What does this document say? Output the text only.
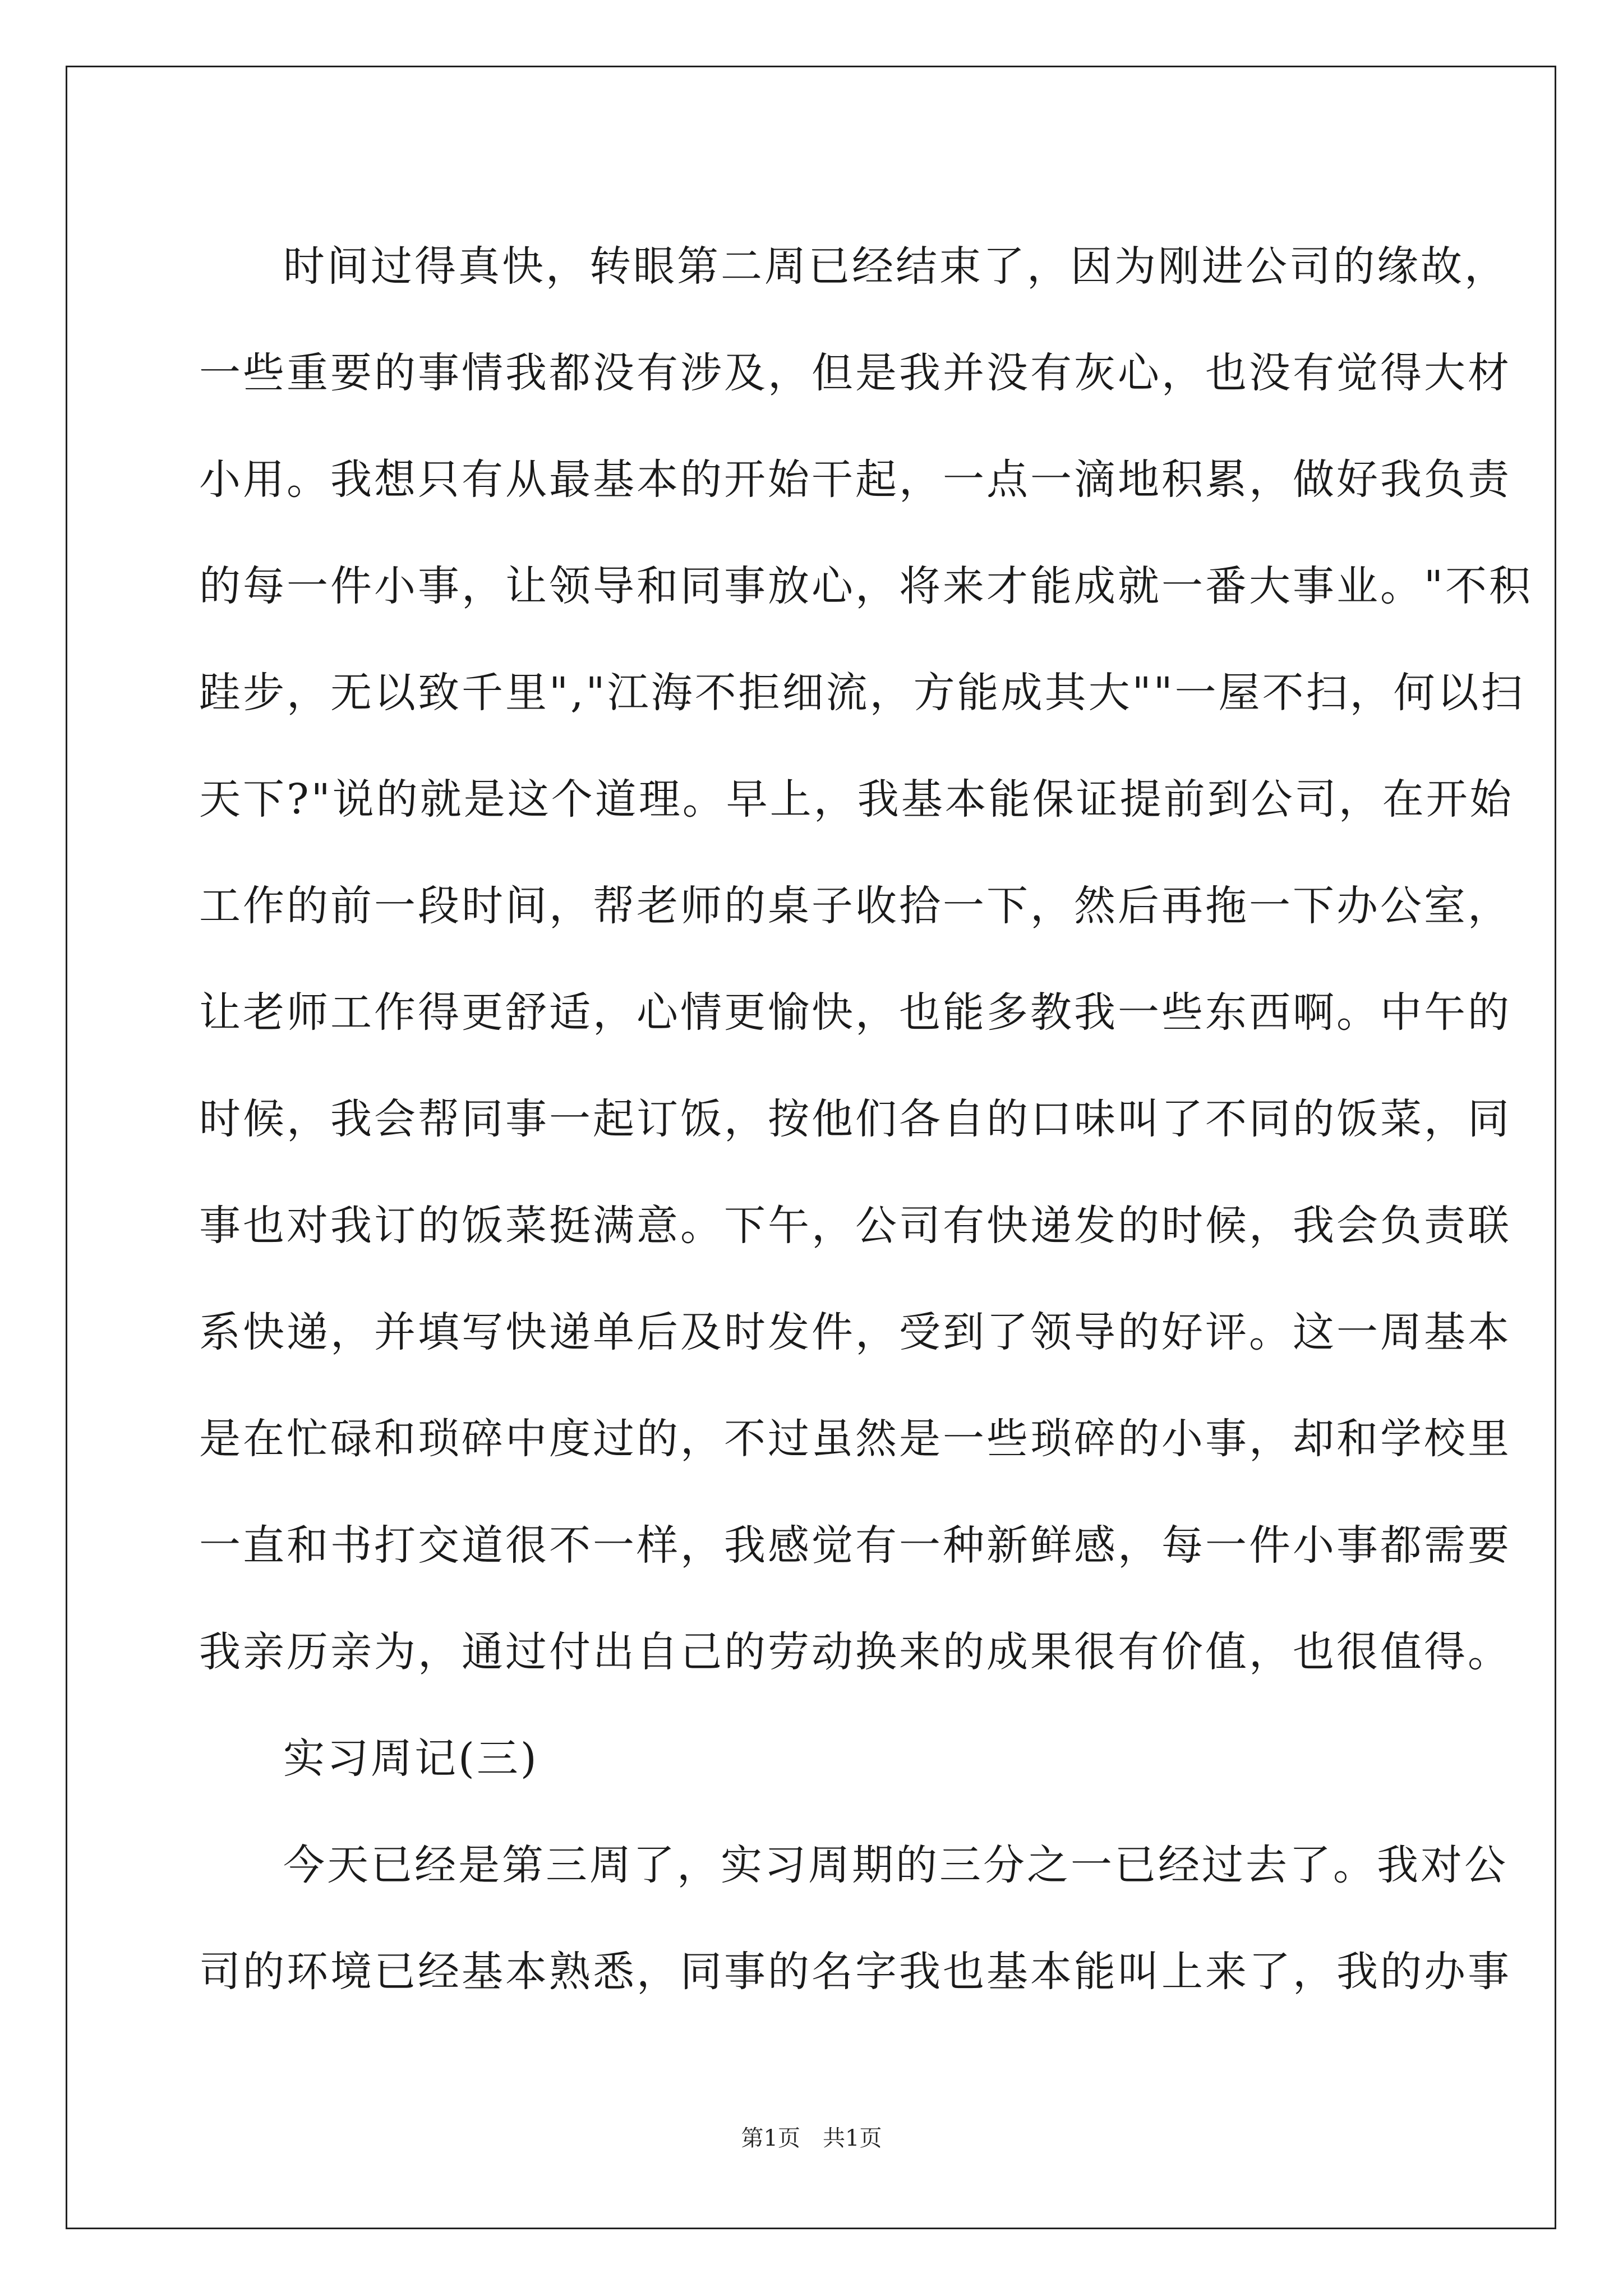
时间过得真快，转眼第二周已经结束了，因为刚进公司的缘故，
一些重要的事情我都没有涉及，但是我并没有灰心，也没有觉得大材
小用。我想只有从最基本的开始干起，一点一滴地积累，做好我负责
的每一件小事，让领导和同事放心，将来才能成就一番大事业。"不积
跬步，无以致千里","江海不拒细流，方能成其大""一屋不扫，何以扫
天下?"说的就是这个道理。早上，我基本能保证提前到公司，在开始
工作的前一段时间，帮老师的桌子收拾一下，然后再拖一下办公室，
让老师工作得更舒适，心情更愉快，也能多教我一些东西啊。中午的
时候，我会帮同事一起订饭，按他们各自的口味叫了不同的饭菜，同
事也对我订的饭菜挺满意。下午，公司有快递发的时候，我会负责联
系快递，并填写快递单后及时发件，受到了领导的好评。这一周基本
是在忙碌和琐碎中度过的，不过虽然是一些琐碎的小事，却和学校里
一直和书打交道很不一样，我感觉有一种新鲜感，每一件小事都需要
我亲历亲为，通过付出自己的劳动换来的成果很有价值，也很值得。
实习周记(三)
今天已经是第三周了，实习周期的三分之一已经过去了。我对公
司的环境已经基本熟悉，同事的名字我也基本能叫上来了，我的办事
第1页 共1页
